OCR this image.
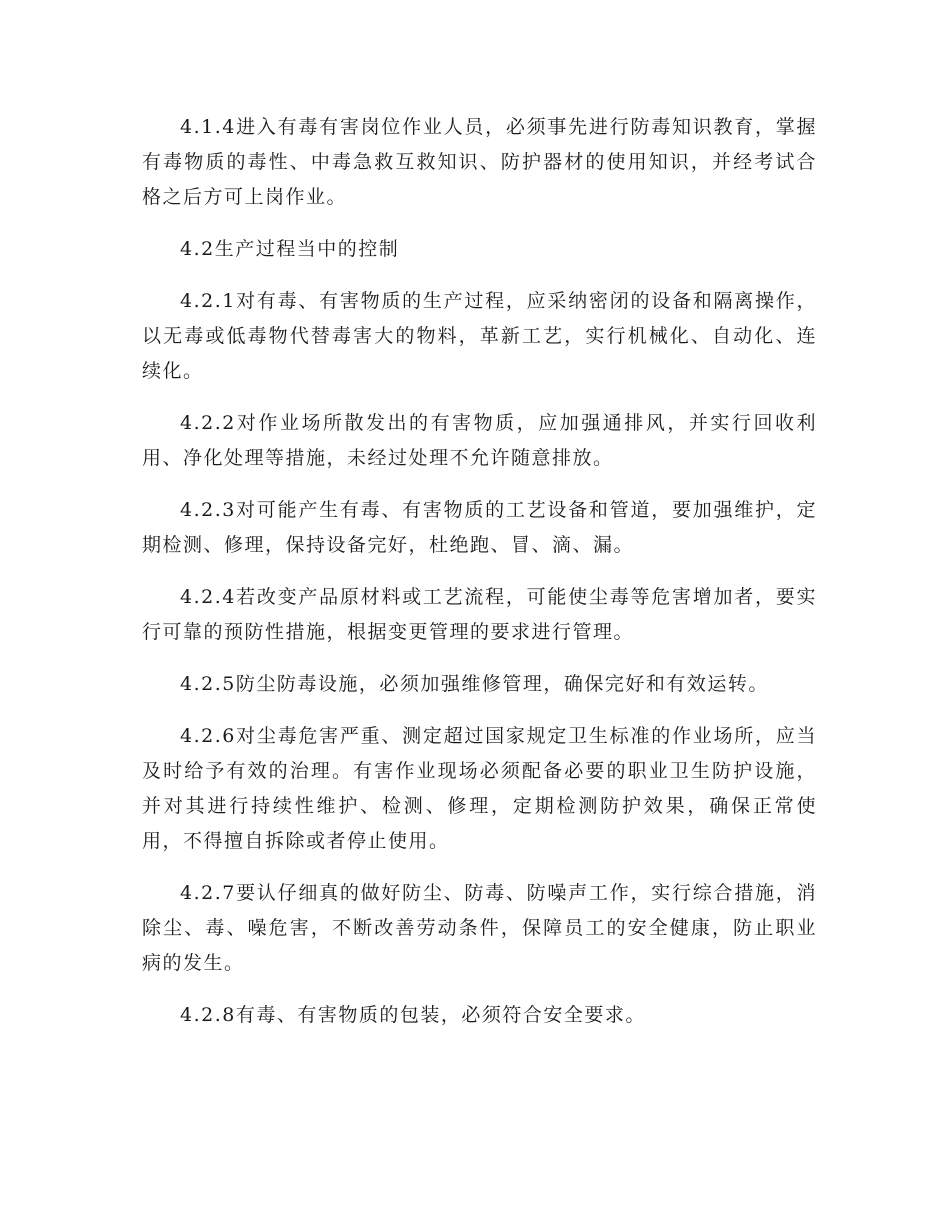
4.1.4进入有毒有害岗位作业人员，必须事先进行防毒知识教育，掌握有毒物质的毒性、中毒急救互救知识、防护器材的使用知识，并经考试合格之后方可上岗作业。

4.2生产过程当中的控制

4.2.1对有毒、有害物质的生产过程，应采纳密闭的设备和隔离操作，以无毒或低毒物代替毒害大的物料，革新工艺，实行机械化、自动化、连续化。

4.2.2对作业场所散发出的有害物质，应加强通排风，并实行回收利用、净化处理等措施，未经过处理不允许随意排放。

4.2.3对可能产生有毒、有害物质的工艺设备和管道，要加强维护，定期检测、修理，保持设备完好，杜绝跑、冒、滴、漏。

4.2.4若改变产品原材料或工艺流程，可能使尘毒等危害增加者，要实行可靠的预防性措施，根据变更管理的要求进行管理。

4.2.5防尘防毒设施，必须加强维修管理，确保完好和有效运转。

4.2.6对尘毒危害严重、测定超过国家规定卫生标准的作业场所，应当及时给予有效的治理。有害作业现场必须配备必要的职业卫生防护设施，并对其进行持续性维护、检测、修理，定期检测防护效果，确保正常使用，不得擅自拆除或者停止使用。

4.2.7要认仔细真的做好防尘、防毒、防噪声工作，实行综合措施，消除尘、毒、噪危害，不断改善劳动条件，保障员工的安全健康，防止职业病的发生。

4.2.8有毒、有害物质的包装，必须符合安全要求。
